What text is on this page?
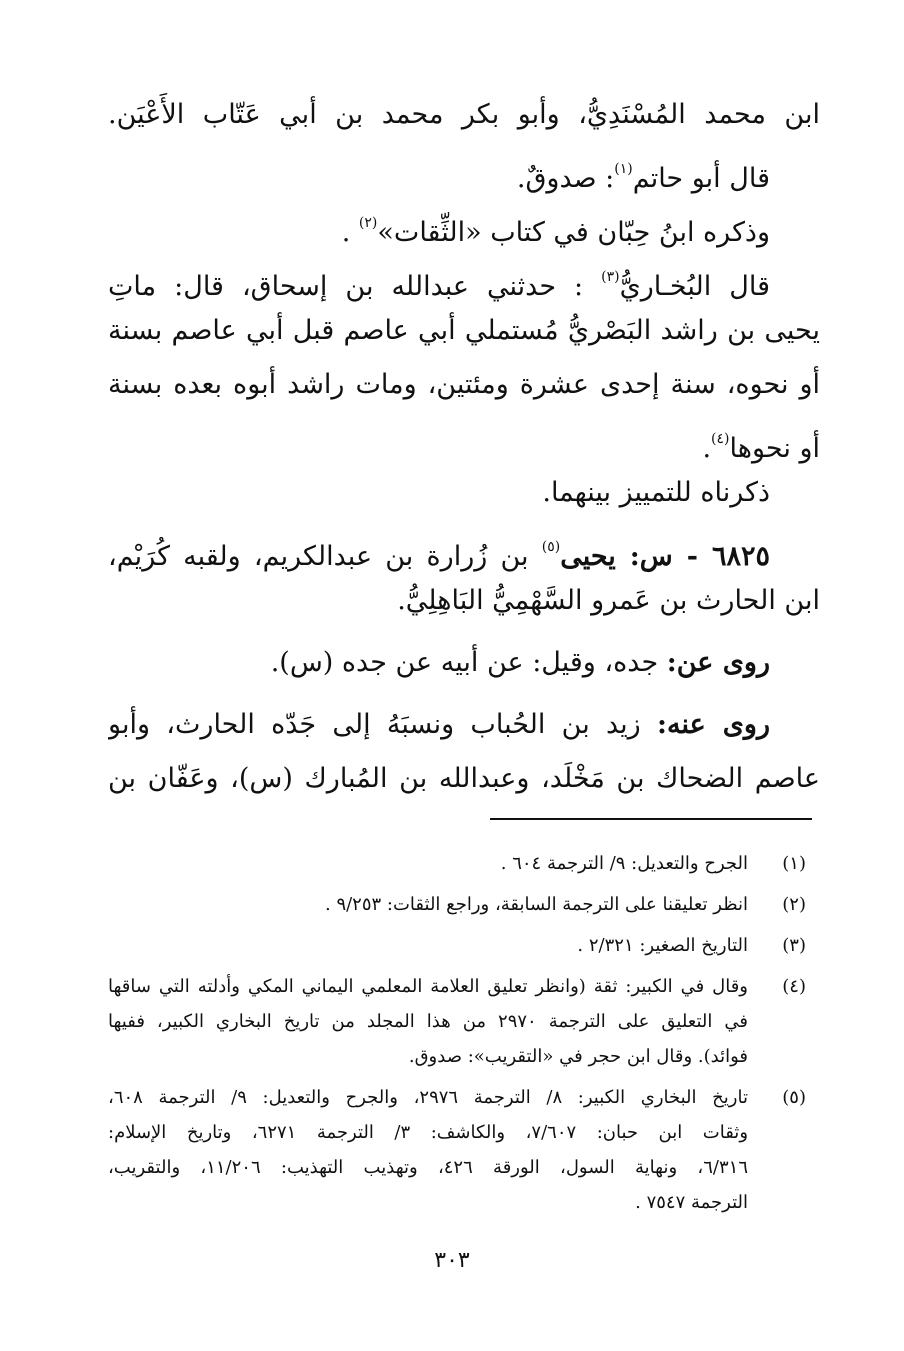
ابن محمد المُسْنَدِيُّ، وأبو بكر محمد بن أبي عَتّاب الأَعْيَن.
قال أبو حاتم$^{(١)}$: صدوقٌ.
وذكره ابنُ حِبّان في كتاب «الثِّقات»$^{(٢)}$ .
قال البُخـاريُّ$^{(٣)}$ : حدثني عبدالله بن إسحاق، قال: ماتِ
يحيى بن راشد البَصْريُّ مُستملي أبي عاصم قبل أبي عاصم بسنة
أو نحوه، سنة إحدى عشرة ومئتين، ومات راشد أبوه بعده بسنة
أو نحوها$^{(٤)}$.
ذكرناه للتمييز بينهما.
٦٨٢٥ - س: يحيى$^{(٥)}$ بن زُرارة بن عبدالكريم، ولقبه كُرَيْم،
ابن الحارث بن عَمرو السَّهْمِيُّ البَاهِلِيُّ.
روى عن: جده، وقيل: عن أبيه عن جده (س).
روى عنه: زيد بن الحُباب ونسبَهُ إلى جَدّه الحارث، وأبو
عاصم الضحاك بن مَخْلَد، وعبدالله بن المُبارك (س)، وعَفّان بن
(١)
الجرح والتعديل: ٩/ الترجمة ٦٠٤ .
(٢)
انظر تعليقنا على الترجمة السابقة، وراجع الثقات: ٩/٢٥٣ .
(٣)
التاريخ الصغير: ٢/٣٢١ .
(٤)
وقال في الكبير: ثقة (وانظر تعليق العلامة المعلمي اليماني المكي وأدلته التي ساقها
في التعليق على الترجمة ٢٩٧٠ من هذا المجلد من تاريخ البخاري الكبير، ففيها
فوائد). وقال ابن حجر في «التقريب»: صدوق.
(٥)
تاريخ البخاري الكبير: ٨/ الترجمة ٢٩٧٦، والجرح والتعديل: ٩/ الترجمة ٦٠٨،
وثقات ابن حبان: ٧/٦٠٧، والكاشف: ٣/ الترجمة ٦٢٧١، وتاريخ الإسلام:
٦/٣١٦، ونهاية السول، الورقة ٤٢٦، وتهذيب التهذيب: ١١/٢٠٦، والتقريب،
الترجمة ٧٥٤٧ .
٣٠٣
